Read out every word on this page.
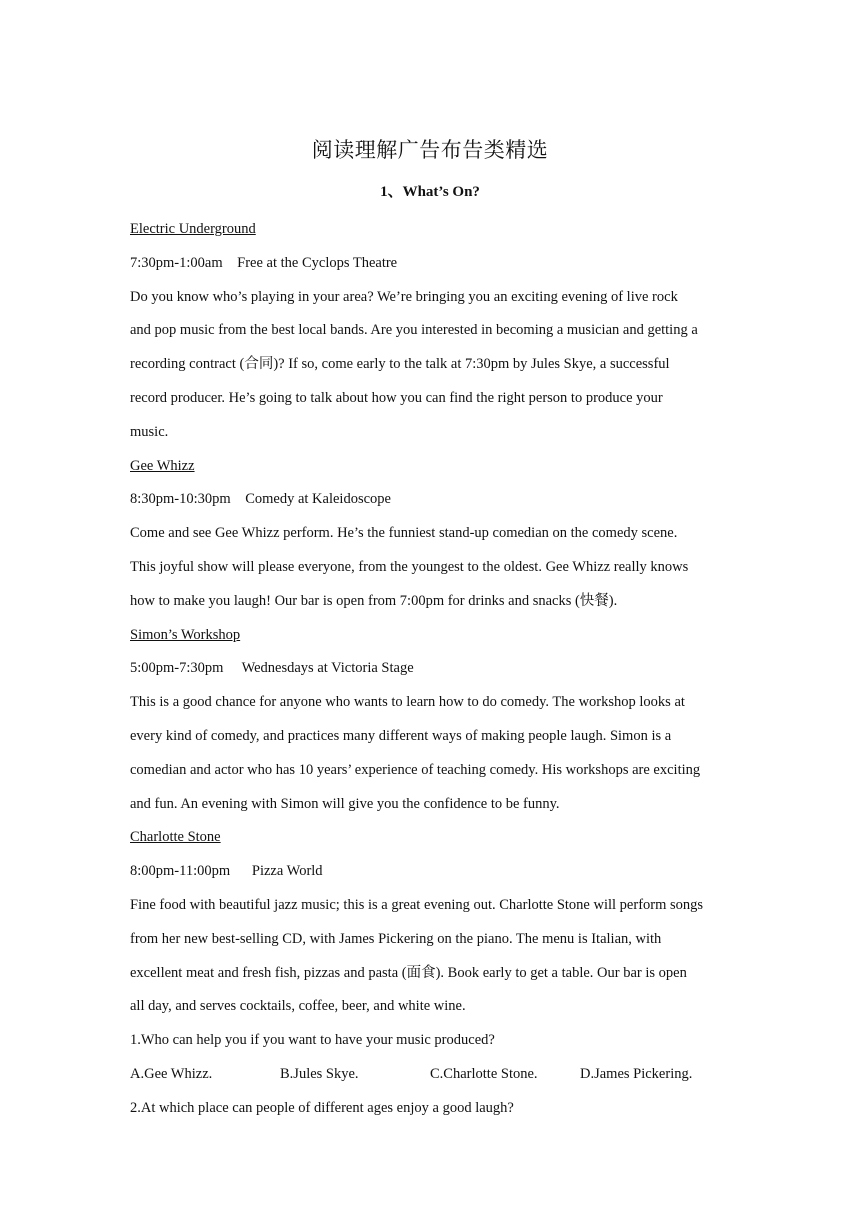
阅读理解广告布告类精选
1、What’s On?
Electric Underground
7:30pm-1:00am Free at the Cyclops Theatre
Do you know who’s playing in your area? We’re bringing you an exciting evening of live rock
and pop music from the best local bands. Are you interested in becoming a musician and getting a
recording contract (合同)? If so, come early to the talk at 7:30pm by Jules Skye, a successful
record producer. He’s going to talk about how you can find the right person to produce your
music.
Gee Whizz
8:30pm-10:30pm Comedy at Kaleidoscope
Come and see Gee Whizz perform. He’s the funniest stand-up comedian on the comedy scene.
This joyful show will please everyone, from the youngest to the oldest. Gee Whizz really knows
how to make you laugh! Our bar is open from 7:00pm for drinks and snacks (快餐).
Simon’s Workshop
5:00pm-7:30pm Wednesdays at Victoria Stage
This is a good chance for anyone who wants to learn how to do comedy. The workshop looks at
every kind of comedy, and practices many different ways of making people laugh. Simon is a
comedian and actor who has 10 years’ experience of teaching comedy. His workshops are exciting
and fun. An evening with Simon will give you the confidence to be funny.
Charlotte Stone
8:00pm-11:00pm Pizza World
Fine food with beautiful jazz music; this is a great evening out. Charlotte Stone will perform songs
from her new best-selling CD, with James Pickering on the piano. The menu is Italian, with
excellent meat and fresh fish, pizzas and pasta (面食). Book early to get a table. Our bar is open
all day, and serves cocktails, coffee, beer, and white wine.
1.Who can help you if you want to have your music produced?
A.Gee Whizz.	B.Jules Skye.	C.Charlotte Stone.	D.James Pickering.
2.At which place can people of different ages enjoy a good laugh?
